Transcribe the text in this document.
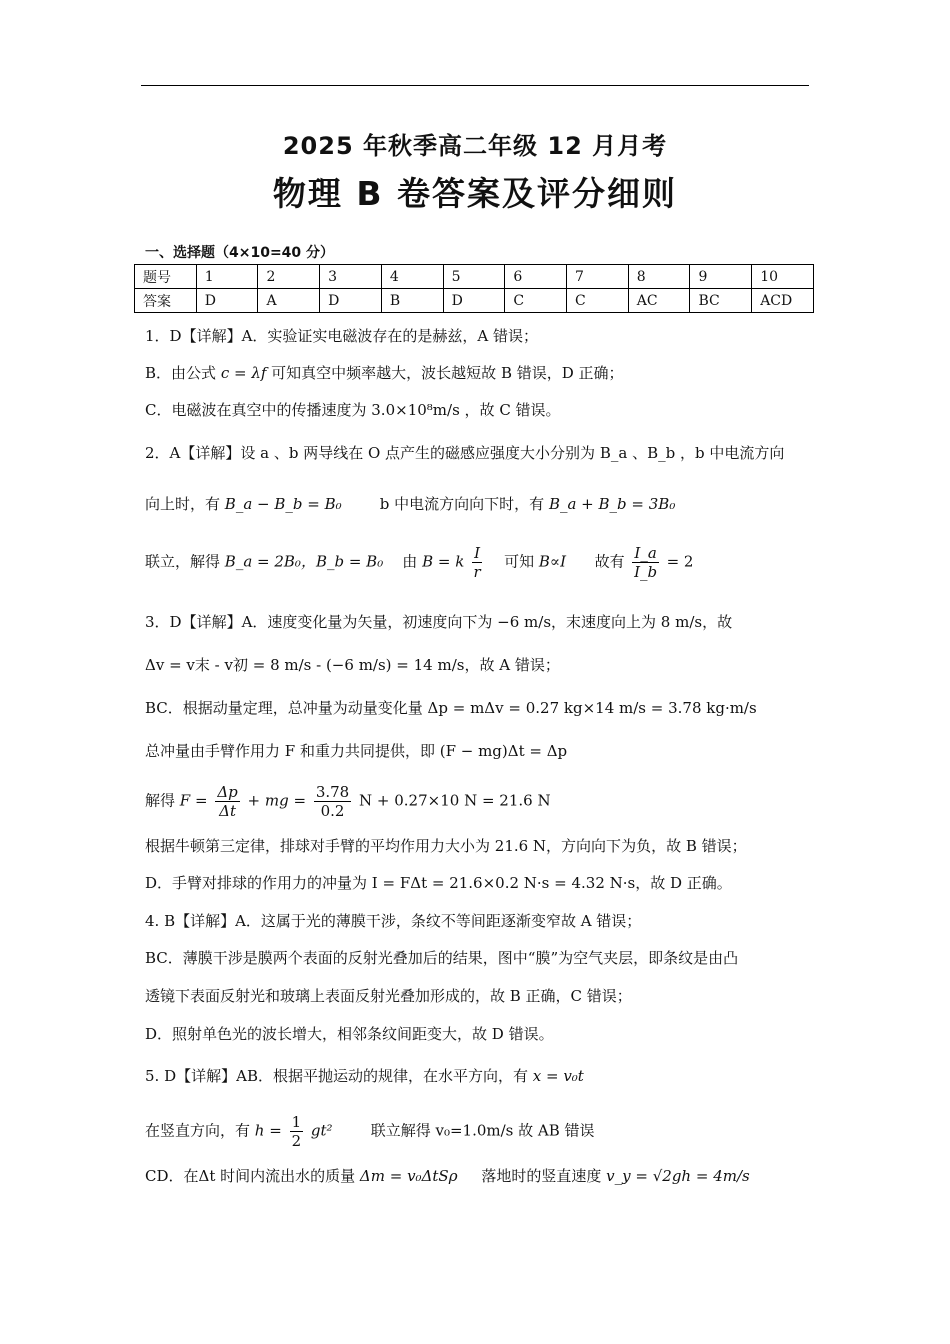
2025 年秋季高二年级 12 月月考
物理 B 卷答案及评分细则
一、选择题（4×10=40 分）
题号	1	2	3	4	5	6	7	8	9	10
答案	D	A	D	B	D	C	C	AC	BC	ACD
1．D【详解】A．实验证实电磁波存在的是赫兹，A 错误；
B．由公式 c = λf 可知真空中频率越大，波长越短故 B 错误，D 正确；
C．电磁波在真空中的传播速度为 3.0×10⁸m/s ，故 C 错误。
2．A【详解】设 a 、b 两导线在 O 点产生的磁感应强度大小分别为 B_a 、B_b ，b 中电流方向
向上时，有 B_a − B_b = B₀	b 中电流方向向下时，有 B_a + B_b = 3B₀
联立，解得 B_a = 2B₀，B_b = B₀ 由 B = k $\frac{I}{r}$ 可知 B∝I 故有 $\frac{I\_a}{I\_b} = 2$
3．D【详解】A．速度变化量为矢量，初速度向下为 −6 m/s，末速度向上为 8 m/s，故
Δv = v末 - v初 = 8 m/s - (−6 m/s) = 14 m/s，故 A 错误；
BC．根据动量定理，总冲量为动量变化量 Δp = mΔv = 0.27 kg×14 m/s = 3.78 kg·m/s
总冲量由手臂作用力 F 和重力共同提供，即 (F − mg)Δt = Δp
解得 $F = \frac{\Delta p}{\Delta t}$ + mg = $\frac{3.78}{0.2}$ N + 0.27×10 N = 21.6 N
根据牛顿第三定律，排球对手臂的平均作用力大小为 21.6 N，方向向下为负，故 B 错误；
D．手臂对排球的作用力的冲量为 I = FΔt = 21.6×0.2 N·s = 4.32 N·s，故 D 正确。
4. B【详解】A．这属于光的薄膜干涉，条纹不等间距逐渐变窄故 A 错误；
BC．薄膜干涉是膜两个表面的反射光叠加后的结果，图中“膜”为空气夹层，即条纹是由凸
透镜下表面反射光和玻璃上表面反射光叠加形成的，故 B 正确，C 错误；
D．照射单色光的波长增大，相邻条纹间距变大，故 D 错误。
5. D【详解】AB．根据平抛运动的规律，在水平方向，有 x = v₀t
在竖直方向，有 $h = \frac{1}{2} gt^2$	联立解得 v₀=1.0m/s 故 AB 错误
CD．在Δt 时间内流出水的质量 Δm = v₀ΔtSρ 落地时的竖直速度 v_y = √2gh = 4m/s
